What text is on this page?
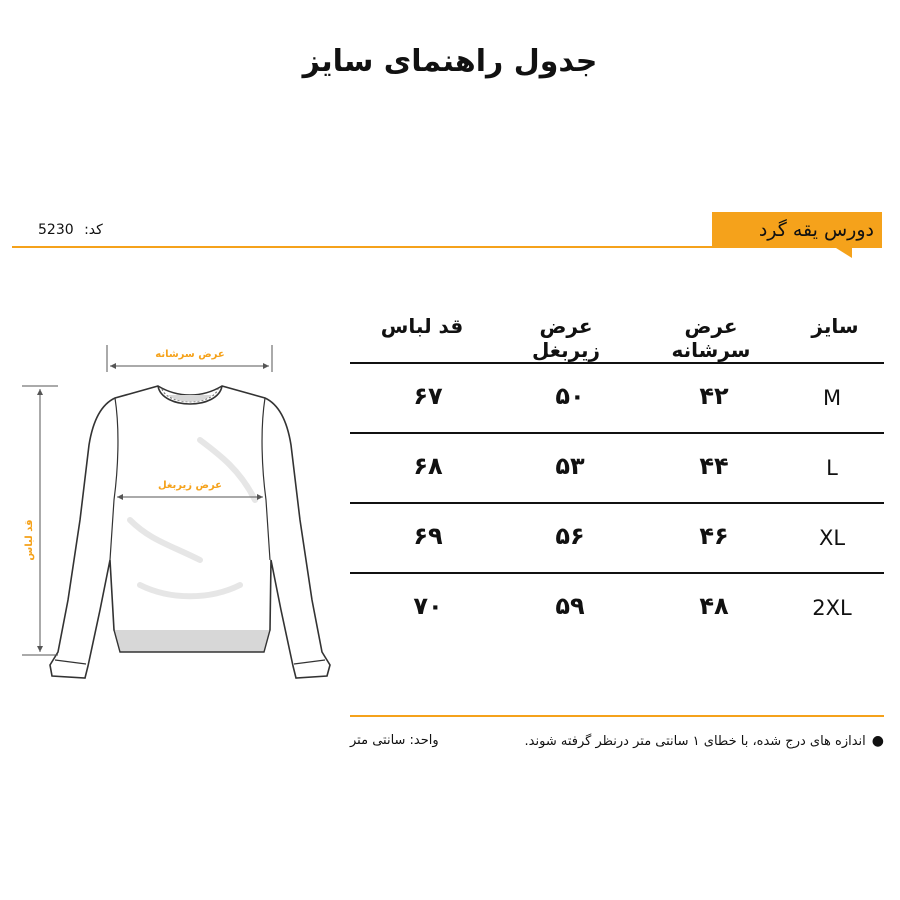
جدول راهنمای سایز
کد: 5230	دورس یقه گرد
عرض سرشانه
عرض زیربغل
قد لباس
سایز
عرض سرشانه
عرض زیربغل
قد لباس
M
۴۲
۵۰
۶۷
L
۴۴
۵۳
۶۸
XL
۴۶
۵۶
۶۹
2XL
۴۸
۵۹
۷۰
●اندازه های درج شده، با خطای ۱ سانتی متر درنظر گرفته شوند.
واحد: سانتی متر
